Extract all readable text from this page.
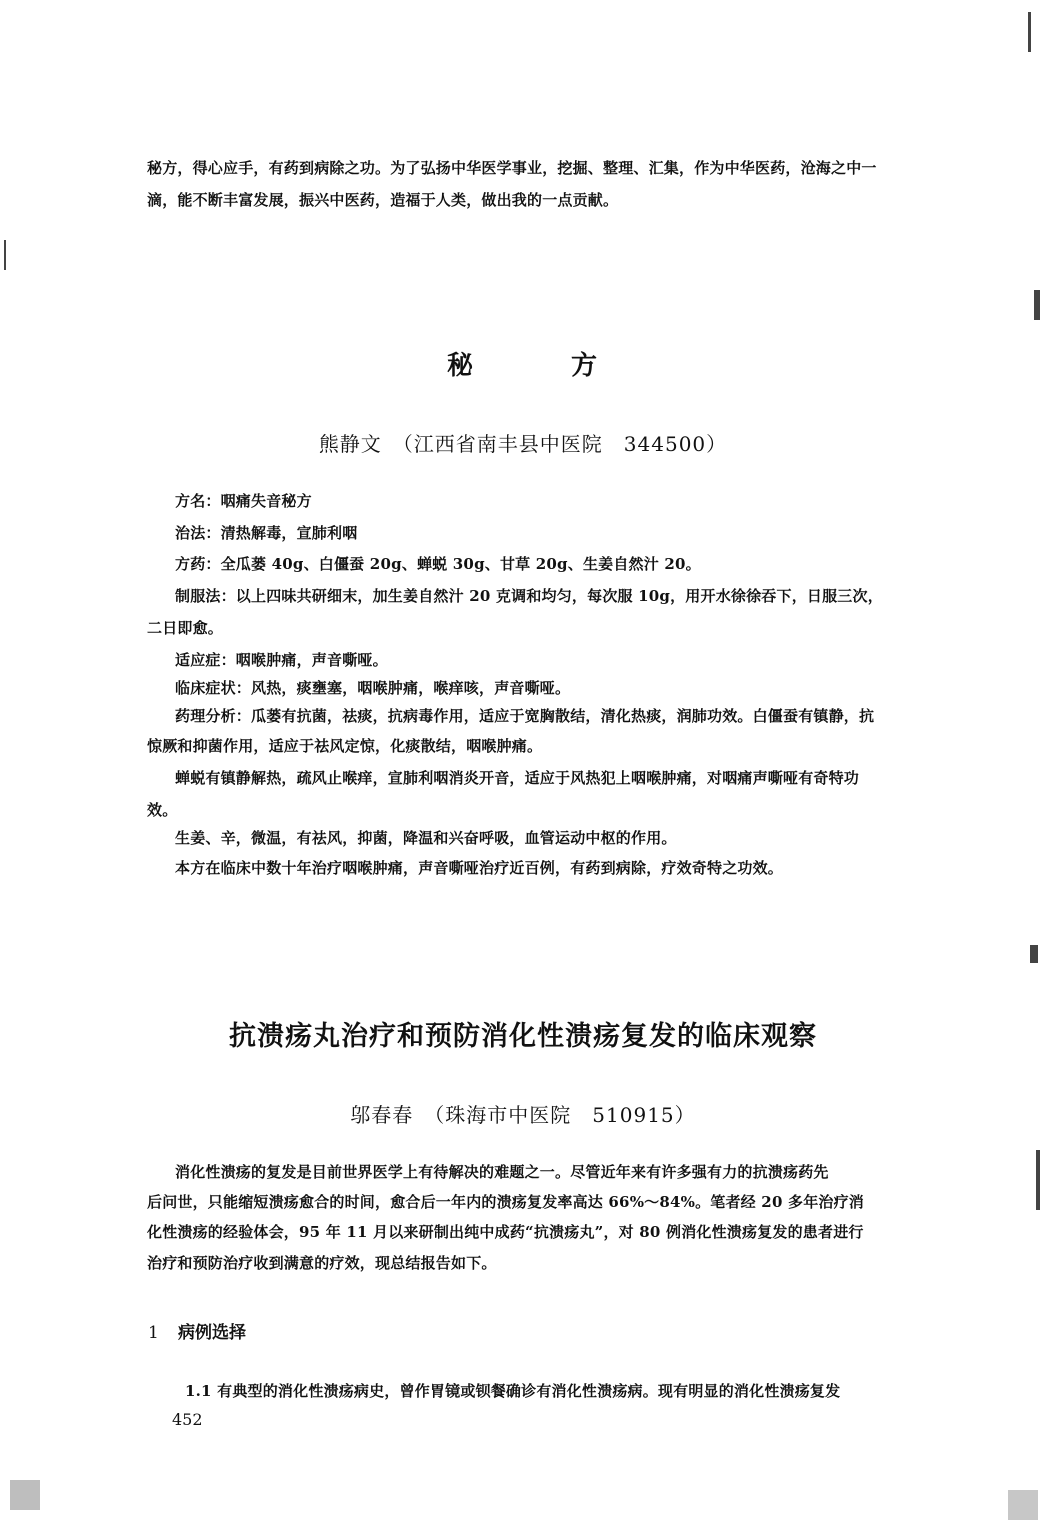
秘方，得心应手，有药到病除之功。为了弘扬中华医学事业，挖掘、整理、汇集，作为中华医药，沧海之中一
滴，能不断丰富发展，振兴中医药，造福于人类，做出我的一点贡献。
秘	方
熊静文　（江西省南丰县中医院　344500）
方名：咽痛失音秘方
治法：清热解毒，宣肺利咽
方药：全瓜蒌 40g、白僵蚕 20g、蝉蜕 30g、甘草 20g、生姜自然汁 20。
制服法：以上四味共研细末，加生姜自然汁 20 克调和均匀，每次服 10g，用开水徐徐吞下，日服三次，
二日即愈。
适应症：咽喉肿痛，声音嘶哑。
临床症状：风热，痰壅塞，咽喉肿痛，喉痒咳，声音嘶哑。
药理分析：瓜蒌有抗菌，祛痰，抗病毒作用，适应于宽胸散结，清化热痰，润肺功效。白僵蚕有镇静，抗
惊厥和抑菌作用，适应于祛风定惊，化痰散结，咽喉肿痛。
蝉蜕有镇静解热，疏风止喉痒，宣肺利咽消炎开音，适应于风热犯上咽喉肿痛，对咽痛声嘶哑有奇特功
效。
生姜、辛，微温，有祛风，抑菌，降温和兴奋呼吸，血管运动中枢的作用。
本方在临床中数十年治疗咽喉肿痛，声音嘶哑治疗近百例，有药到病除，疗效奇特之功效。
抗溃疡丸治疗和预防消化性溃疡复发的临床观察
邬春春　（珠海市中医院　510915）
消化性溃疡的复发是目前世界医学上有待解决的难题之一。尽管近年来有许多强有力的抗溃疡药先
后问世，只能缩短溃疡愈合的时间，愈合后一年内的溃疡复发率高达 66%～84%。笔者经 20 多年治疗消
化性溃疡的经验体会，95 年 11 月以来研制出纯中成药“抗溃疡丸”，对 80 例消化性溃疡复发的患者进行
治疗和预防治疗收到满意的疗效，现总结报告如下。
1 病例选择
1.1 有典型的消化性溃疡病史，曾作胃镜或钡餐确诊有消化性溃疡病。现有明显的消化性溃疡复发
452
